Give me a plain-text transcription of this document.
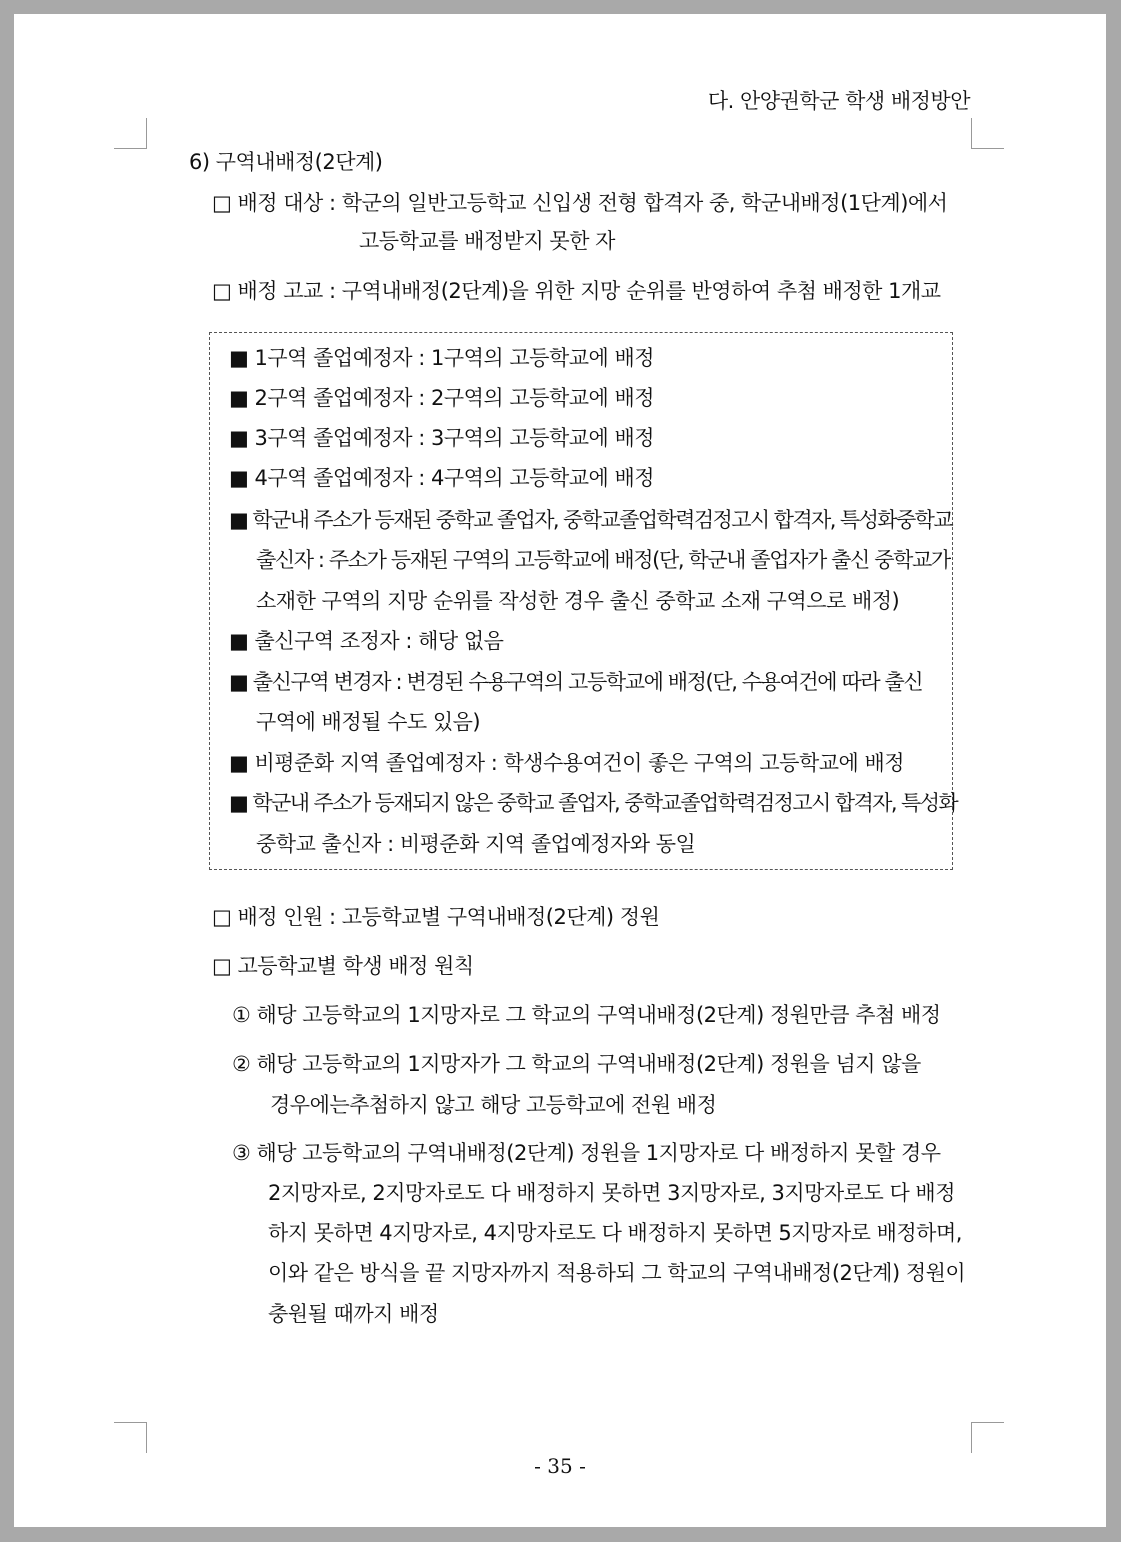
다. 안양권학군 학생 배정방안
6) 구역내배정(2단계)
□ 배정 대상 : 학군의 일반고등학교 신입생 전형 합격자 중, 학군내배정(1단계)에서
고등학교를 배정받지 못한 자
□ 배정 고교 : 구역내배정(2단계)을 위한 지망 순위를 반영하여 추첨 배정한 1개교
■ 1구역 졸업예정자 : 1구역의 고등학교에 배정
■ 2구역 졸업예정자 : 2구역의 고등학교에 배정
■ 3구역 졸업예정자 : 3구역의 고등학교에 배정
■ 4구역 졸업예정자 : 4구역의 고등학교에 배정
■ 학군내 주소가 등재된 중학교 졸업자, 중학교졸업학력검정고시 합격자, 특성화중학교
출신자 : 주소가 등재된 구역의 고등학교에 배정(단, 학군내 졸업자가 출신 중학교가
소재한 구역의 지망 순위를 작성한 경우 출신 중학교 소재 구역으로 배정)
■ 출신구역 조정자 : 해당 없음
■ 출신구역 변경자 : 변경된 수용구역의 고등학교에 배정(단, 수용여건에 따라 출신
구역에 배정될 수도 있음)
■ 비평준화 지역 졸업예정자 : 학생수용여건이 좋은 구역의 고등학교에 배정
■ 학군내 주소가 등재되지 않은 중학교 졸업자, 중학교졸업학력검정고시 합격자, 특성화
중학교 출신자 : 비평준화 지역 졸업예정자와 동일
□ 배정 인원 : 고등학교별 구역내배정(2단계) 정원
□ 고등학교별 학생 배정 원칙
① 해당 고등학교의 1지망자로 그 학교의 구역내배정(2단계) 정원만큼 추첨 배정
② 해당 고등학교의 1지망자가 그 학교의 구역내배정(2단계) 정원을 넘지 않을
경우에는추첨하지 않고 해당 고등학교에 전원 배정
③ 해당 고등학교의 구역내배정(2단계) 정원을 1지망자로 다 배정하지 못할 경우
2지망자로, 2지망자로도 다 배정하지 못하면 3지망자로, 3지망자로도 다 배정
하지 못하면 4지망자로, 4지망자로도 다 배정하지 못하면 5지망자로 배정하며,
이와 같은 방식을 끝 지망자까지 적용하되 그 학교의 구역내배정(2단계) 정원이
충원될 때까지 배정
- 35 -
